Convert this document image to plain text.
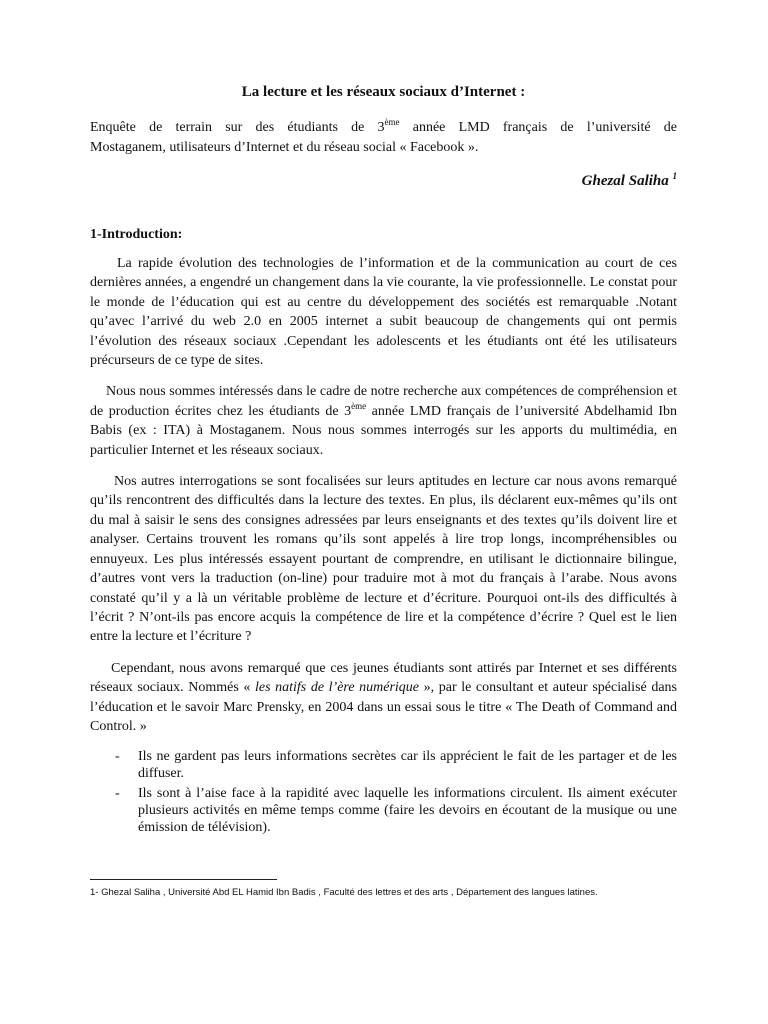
La lecture et les réseaux sociaux d’Internet :
Enquête de terrain sur des étudiants de 3ème année LMD français de l’université de
Mostaganem, utilisateurs d’Internet et du réseau social « Facebook ».
Ghezal Saliha $^1$
1-Introduction:

La rapide évolution des technologies de l’information et de la communication au court de ces dernières années, a engendré un changement dans la vie courante, la vie professionnelle. Le constat pour le monde de l’éducation qui est au centre du développement des sociétés est remarquable .Notant qu’avec l’arrivé du web 2.0 en 2005 internet a subit beaucoup de changements qui ont permis l’évolution des réseaux sociaux .Cependant les adolescents et les étudiants ont été les utilisateurs précurseurs de ce type de sites.

Nous nous sommes intéressés dans le cadre de notre recherche aux compétences de compréhension et de production écrites chez les étudiants de 3ème année LMD français de l’université Abdelhamid Ibn Babis (ex : ITA) à Mostaganem. Nous nous sommes interrogés sur les apports du multimédia, en particulier Internet et les réseaux sociaux.

Nos autres interrogations se sont focalisées sur leurs aptitudes en lecture car nous avons remarqué qu’ils rencontrent des difficultés dans la lecture des textes. En plus, ils déclarent eux-mêmes qu’ils ont du mal à saisir le sens des consignes adressées par leurs enseignants et des textes qu’ils doivent lire et analyser. Certains trouvent les romans qu’ils sont appelés à lire trop longs, incompréhensibles ou ennuyeux. Les plus intéressés essayent pourtant de comprendre, en utilisant le dictionnaire bilingue, d’autres vont vers la traduction (on-line) pour traduire mot à mot du français à l’arabe. Nous avons constaté qu’il y a là un véritable problème de lecture et d’écriture. Pourquoi ont-ils des difficultés à l’écrit ? N’ont-ils pas encore acquis la compétence de lire et la compétence d’écrire ? Quel est le lien entre la lecture et l’écriture ?

Cependant, nous avons remarqué que ces jeunes étudiants sont attirés par Internet et ses différents réseaux sociaux. Nommés « les natifs de l’ère numérique », par le consultant et auteur spécialisé dans l’éducation et le savoir Marc Prensky, en 2004 dans un essai sous le titre « The Death of Command and Control. »

- Ils ne gardent pas leurs informations secrètes car ils apprécient le fait de les partager et de les diffuser.
- Ils sont à l’aise face à la rapidité avec laquelle les informations circulent. Ils aiment exécuter plusieurs activités en même temps comme (faire les devoirs en écoutant de la musique ou une émission de télévision).
1- Ghezal Saliha , Université Abd EL Hamid Ibn Badis , Faculté des lettres et des arts , Département des langues latines.
